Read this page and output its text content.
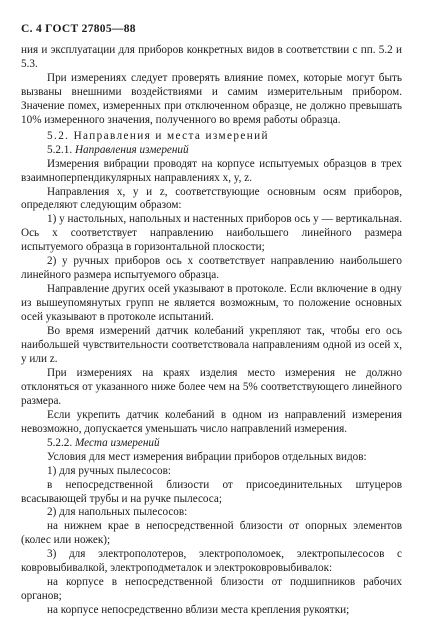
С. 4 ГОСТ 27805—88

ния и эксплуатации для приборов конкретных видов в соответствии с пп. 5.2 и 5.3.

При измерениях следует проверять влияние помех, которые могут быть вызваны внешними воздействиями и самим измерительным прибором. Значение помех, измеренных при отключенном образце, не должно превышать 10% измеренного значения, полученного во время работы образца.

5.2. Направления и места измерений

5.2.1. Направления измерений

Измерения вибрации проводят на корпусе испытуемых образцов в трех взаимноперпендикулярных направлениях x, y, z.

Направления x, y и z, соответствующие основным осям приборов, определяют следующим образом:

1) у настольных, напольных и настенных приборов ось y — вертикальная. Ось x соответствует направлению наибольшего линейного размера испытуемого образца в горизонтальной плоскости;

2) у ручных приборов ось x соответствует направлению наибольшего линейного размера испытуемого образца.

Направление других осей указывают в протоколе. Если включение в одну из вышеупомянутых групп не является возможным, то положение основных осей указывают в протоколе испытаний.

Во время измерений датчик колебаний укрепляют так, чтобы его ось наибольшей чувствительности соответствовала направлениям одной из осей x, y или z.

При измерениях на краях изделия место измерения не должно отклоняться от указанного ниже более чем на 5% соответствующего линейного размера.

Если укрепить датчик колебаний в одном из направлений измерения невозможно, допускается уменьшать число направлений измерения.

5.2.2. Места измерений

Условия для мест измерения вибрации приборов отдельных видов:

1) для ручных пылесосов:

в непосредственной близости от присоединительных штуцеров всасывающей трубы и на ручке пылесоса;

2) для напольных пылесосов:

на нижнем крае в непосредственной близости от опорных элементов (колес или ножек);

3) для электрополотеров, электрополомоек, электропылесосов с ковровыбивалкой, электроподметалок и электроковровыбивалок:

на корпусе в непосредственной близости от подшипников рабочих органов;

на корпусе непосредственно вблизи места крепления рукоятки;
